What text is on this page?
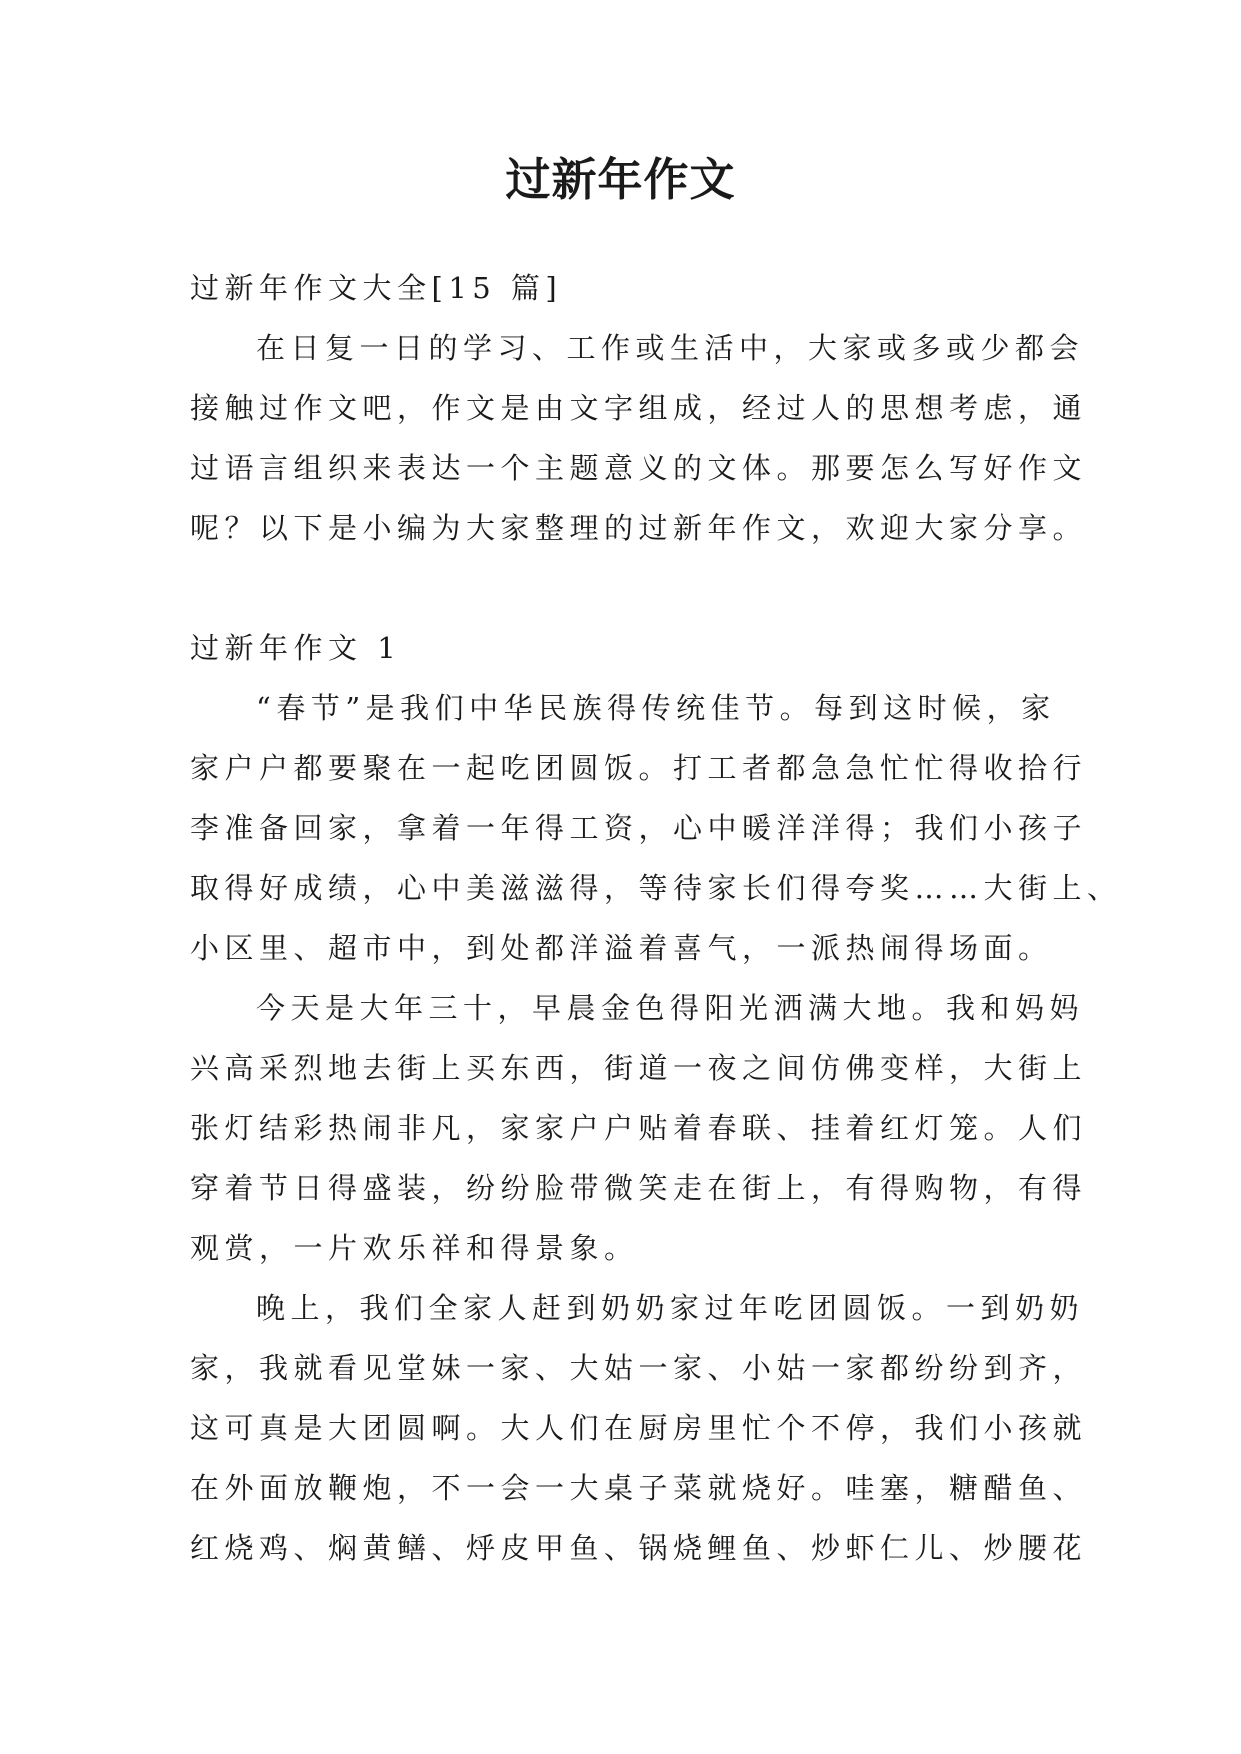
过新年作文
过新年作文大全[15 篇]
在日复一日的学习、工作或生活中，大家或多或少都会
接触过作文吧，作文是由文字组成，经过人的思想考虑，通
过语言组织来表达一个主题意义的文体。那要怎么写好作文
呢？以下是小编为大家整理的过新年作文，欢迎大家分享。
过新年作文 1
“春节”是我们中华民族得传统佳节。每到这时候，家
家户户都要聚在一起吃团圆饭。打工者都急急忙忙得收拾行
李准备回家，拿着一年得工资，心中暖洋洋得；我们小孩子
取得好成绩，心中美滋滋得，等待家长们得夸奖……大街上、
小区里、超市中，到处都洋溢着喜气，一派热闹得场面。
今天是大年三十，早晨金色得阳光洒满大地。我和妈妈
兴高采烈地去街上买东西，街道一夜之间仿佛变样，大街上
张灯结彩热闹非凡，家家户户贴着春联、挂着红灯笼。人们
穿着节日得盛装，纷纷脸带微笑走在街上，有得购物，有得
观赏，一片欢乐祥和得景象。
晚上，我们全家人赶到奶奶家过年吃团圆饭。一到奶奶
家，我就看见堂妹一家、大姑一家、小姑一家都纷纷到齐，
这可真是大团圆啊。大人们在厨房里忙个不停，我们小孩就
在外面放鞭炮，不一会一大桌子菜就烧好。哇塞，糖醋鱼、
红烧鸡、焖黄鳝、烀皮甲鱼、锅烧鲤鱼、炒虾仁儿、炒腰花
